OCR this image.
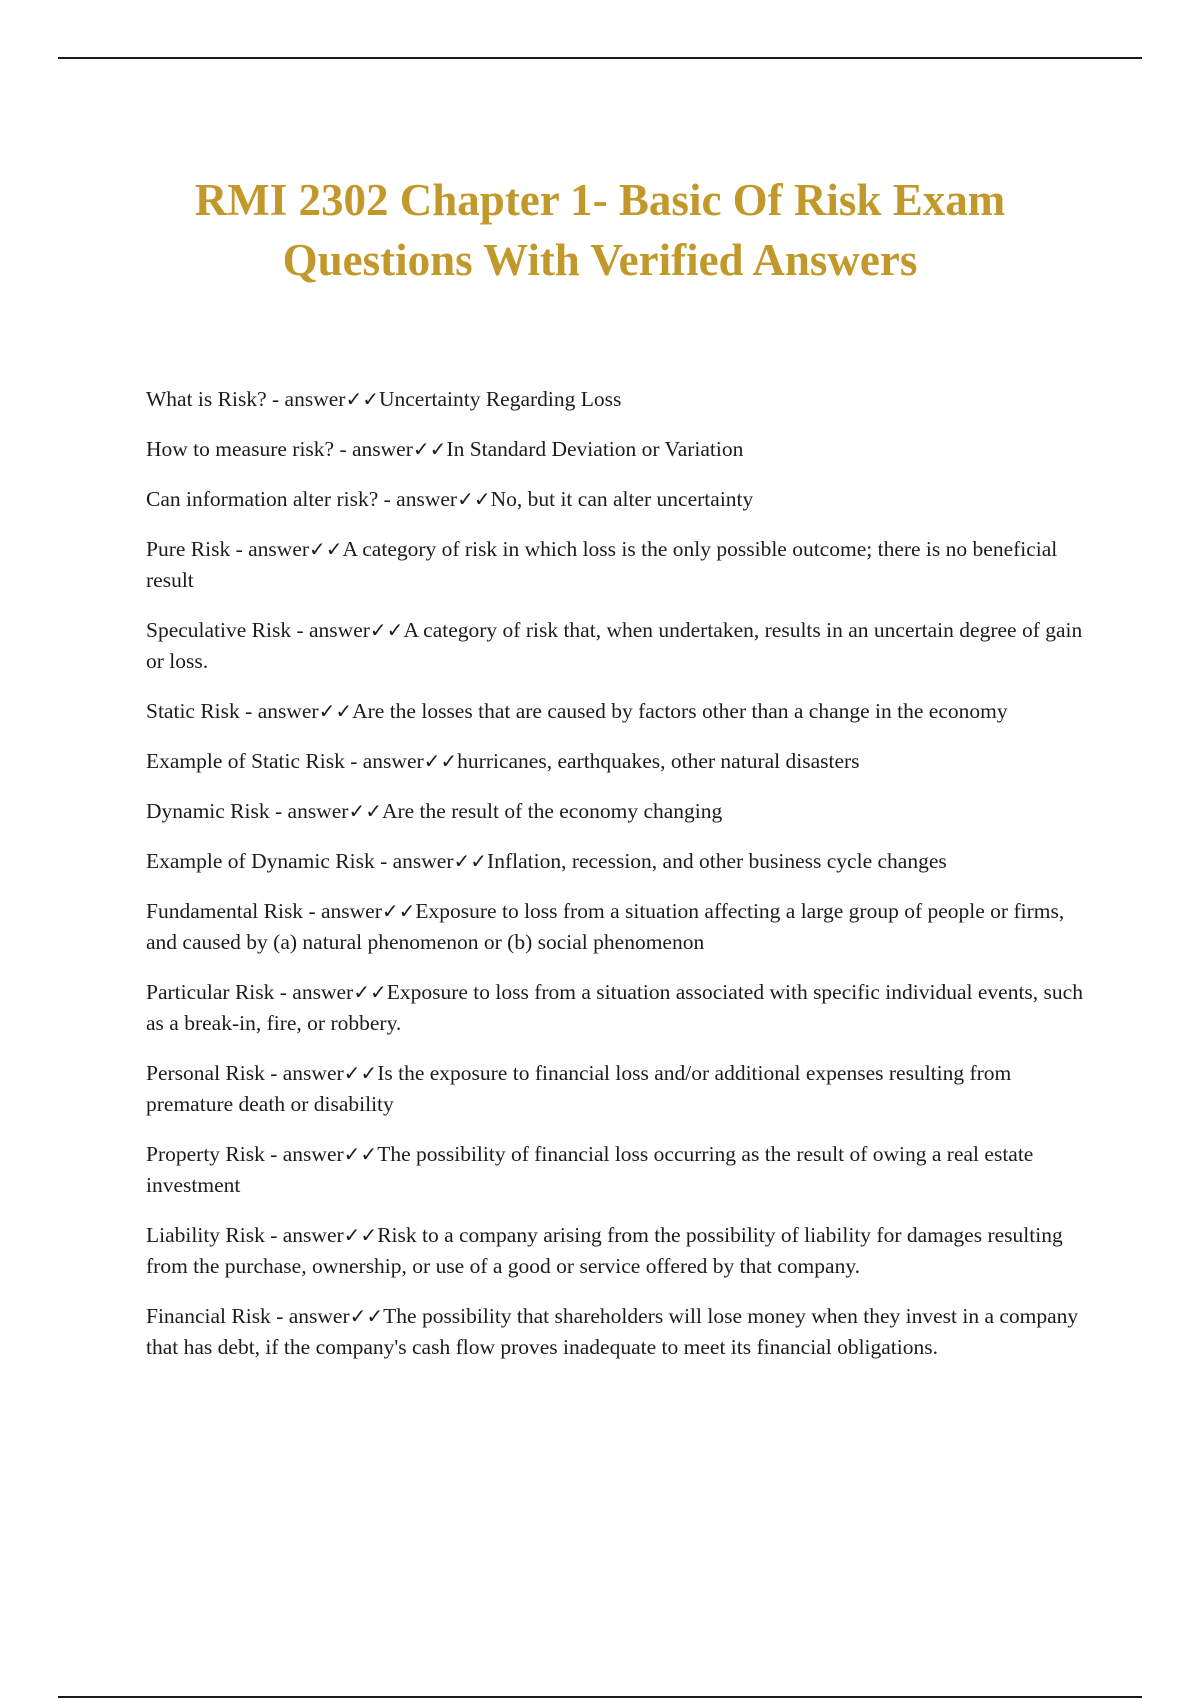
RMI 2302 Chapter 1- Basic Of Risk Exam Questions With Verified Answers
What is Risk? - answer✓✓Uncertainty Regarding Loss
How to measure risk? - answer✓✓In Standard Deviation or Variation
Can information alter risk? - answer✓✓No, but it can alter uncertainty
Pure Risk - answer✓✓A category of risk in which loss is the only possible outcome; there is no beneficial result
Speculative Risk - answer✓✓A category of risk that, when undertaken, results in an uncertain degree of gain or loss.
Static Risk - answer✓✓Are the losses that are caused by factors other than a change in the economy
Example of Static Risk - answer✓✓hurricanes, earthquakes, other natural disasters
Dynamic Risk - answer✓✓Are the result of the economy changing
Example of Dynamic Risk - answer✓✓Inflation, recession, and other business cycle changes
Fundamental Risk - answer✓✓Exposure to loss from a situation affecting a large group of people or firms, and caused by (a) natural phenomenon or (b) social phenomenon
Particular Risk - answer✓✓Exposure to loss from a situation associated with specific individual events, such as a break-in, fire, or robbery.
Personal Risk - answer✓✓Is the exposure to financial loss and/or additional expenses resulting from premature death or disability
Property Risk - answer✓✓The possibility of financial loss occurring as the result of owing a real estate investment
Liability Risk - answer✓✓Risk to a company arising from the possibility of liability for damages resulting from the purchase, ownership, or use of a good or service offered by that company.
Financial Risk - answer✓✓The possibility that shareholders will lose money when they invest in a company that has debt, if the company's cash flow proves inadequate to meet its financial obligations.
